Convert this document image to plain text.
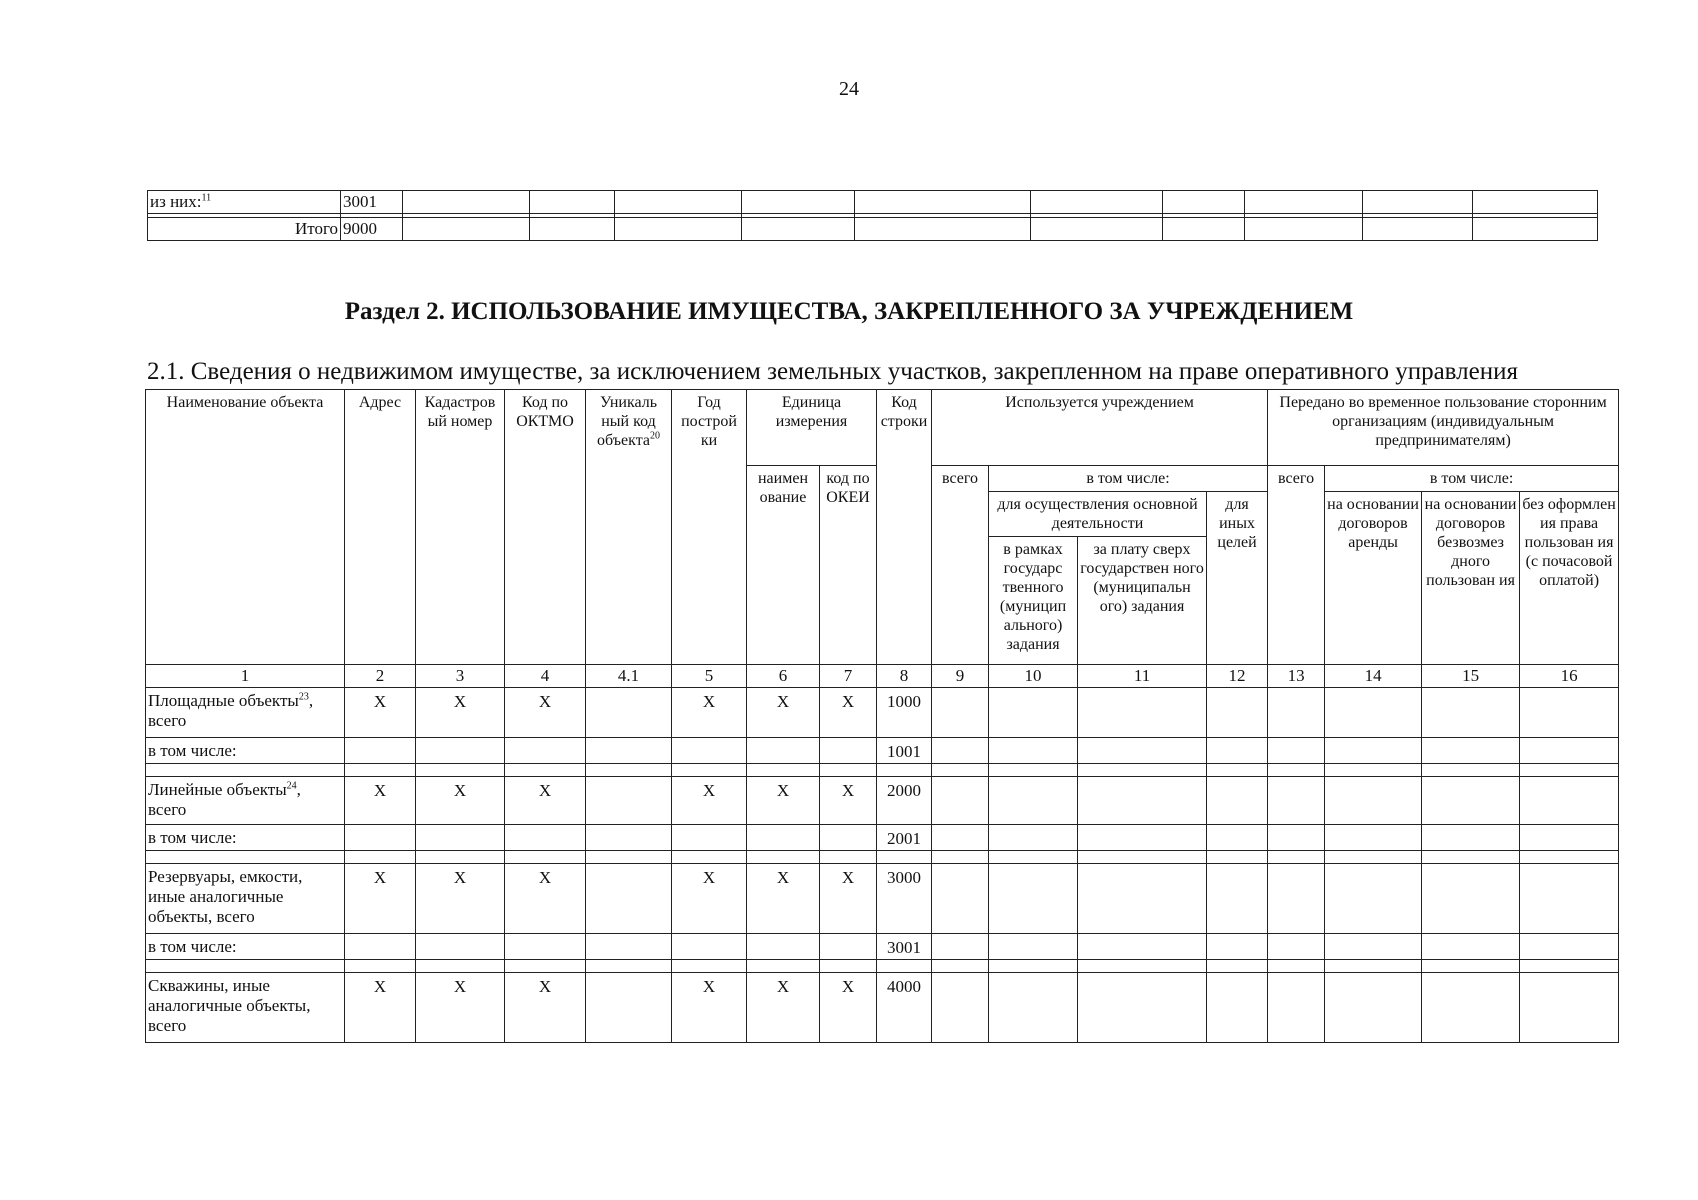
24
из них:$^{11}$	3001										

Итого	9000										
Раздел 2. ИСПОЛЬЗОВАНИЕ ИМУЩЕСТВА, ЗАКРЕПЛЕННОГО ЗА УЧРЕЖДЕНИЕМ
2.1. Сведения о недвижимом имуществе, за исключением земельных участков, закрепленном на праве оперативного управления
Наименование объекта	Адрес	Кадастров ый номер	Код по ОКТМО	Уникаль ный код объекта$^{20}$	Год построй ки	Единица измерения		Код строки	Используется учреждением				Передано во временное пользование сторонним организациям (индивидуальным предпринимателям)			
						наимен ование	код по ОКЕИ		всего	в том числе:			всего	в том числе:		
										для осуществления основной деятельности		для иных целей		на основании договоров аренды	на основании договоров безвозмез дного пользован ия	без оформлен ия права пользован ия (с почасовой оплатой)
										в рамках государс твенного (муницип ального) задания	за плату сверх государствен ного (муниципальн ого) задания					
1	2	3	4	4.1	5	6	7	8	9	10	11	12	13	14	15	16
Площадные объекты$^{23}$, всего	X	X	X		X	X	X	1000								
в том числе:								1001								

Линейные объекты$^{24}$, всего	X	X	X		X	X	X	2000								
в том числе:								2001								

Резервуары, емкости, иные аналогичные объекты, всего	X	X	X		X	X	X	3000								
в том числе:								3001								

Скважины, иные аналогичные объекты, всего	X	X	X		X	X	X	4000								
